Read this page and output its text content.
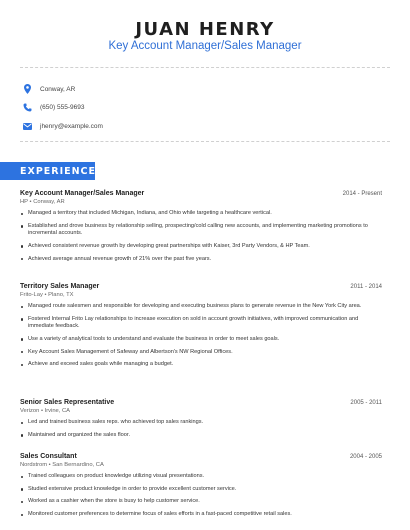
JUAN HENRY
Key Account Manager/Sales Manager
Conway, AR
(650) 555-9693
jhenry@example.com
EXPERIENCE
Key Account Manager/Sales Manager	2014 - Present
HP • Conway, AR
Managed a territory that included Michigan, Indiana, and Ohio while targeting a healthcare vertical.
Established and drove business by relationship selling, prospecting/cold calling new accounts, and implementing marketing promotions to incremental accounts.
Achieved consistent revenue growth by developing great partnerships with Kaiser, 3rd Party Vendors, & HP Team.
Achieved average annual revenue growth of 21% over the past five years.
Territory Sales Manager	2011 - 2014
Frito-Lay • Plano, TX
Managed route salesmen and responsible for developing and executing business plans to generate revenue in the New York City area.
Fostered Internal Frito Lay relationships to increase execution on sold in account growth initiatives, with improved communication and immediate feedback.
Use a variety of analytical tools to understand and evaluate the business in order to meet sales goals.
Key Account Sales Management of Safeway and Albertson's NW Regional Offices.
Achieve and exceed sales goals while managing a budget.
Senior Sales Representative	2005 - 2011
Verizon • Irvine, CA
Led and trained business sales reps. who achieved top sales rankings.
Maintained and organized the sales floor.
Sales Consultant	2004 - 2005
Nordstrom • San Bernardino, CA
Trained colleagues on product knowledge utilizing visual presentations.
Studied extensive product knowledge in order to provide excellent customer service.
Worked as a cashier when the store is busy to help customer service.
Monitored customer preferences to determine focus of sales efforts in a fast-paced competitive retail sales.
